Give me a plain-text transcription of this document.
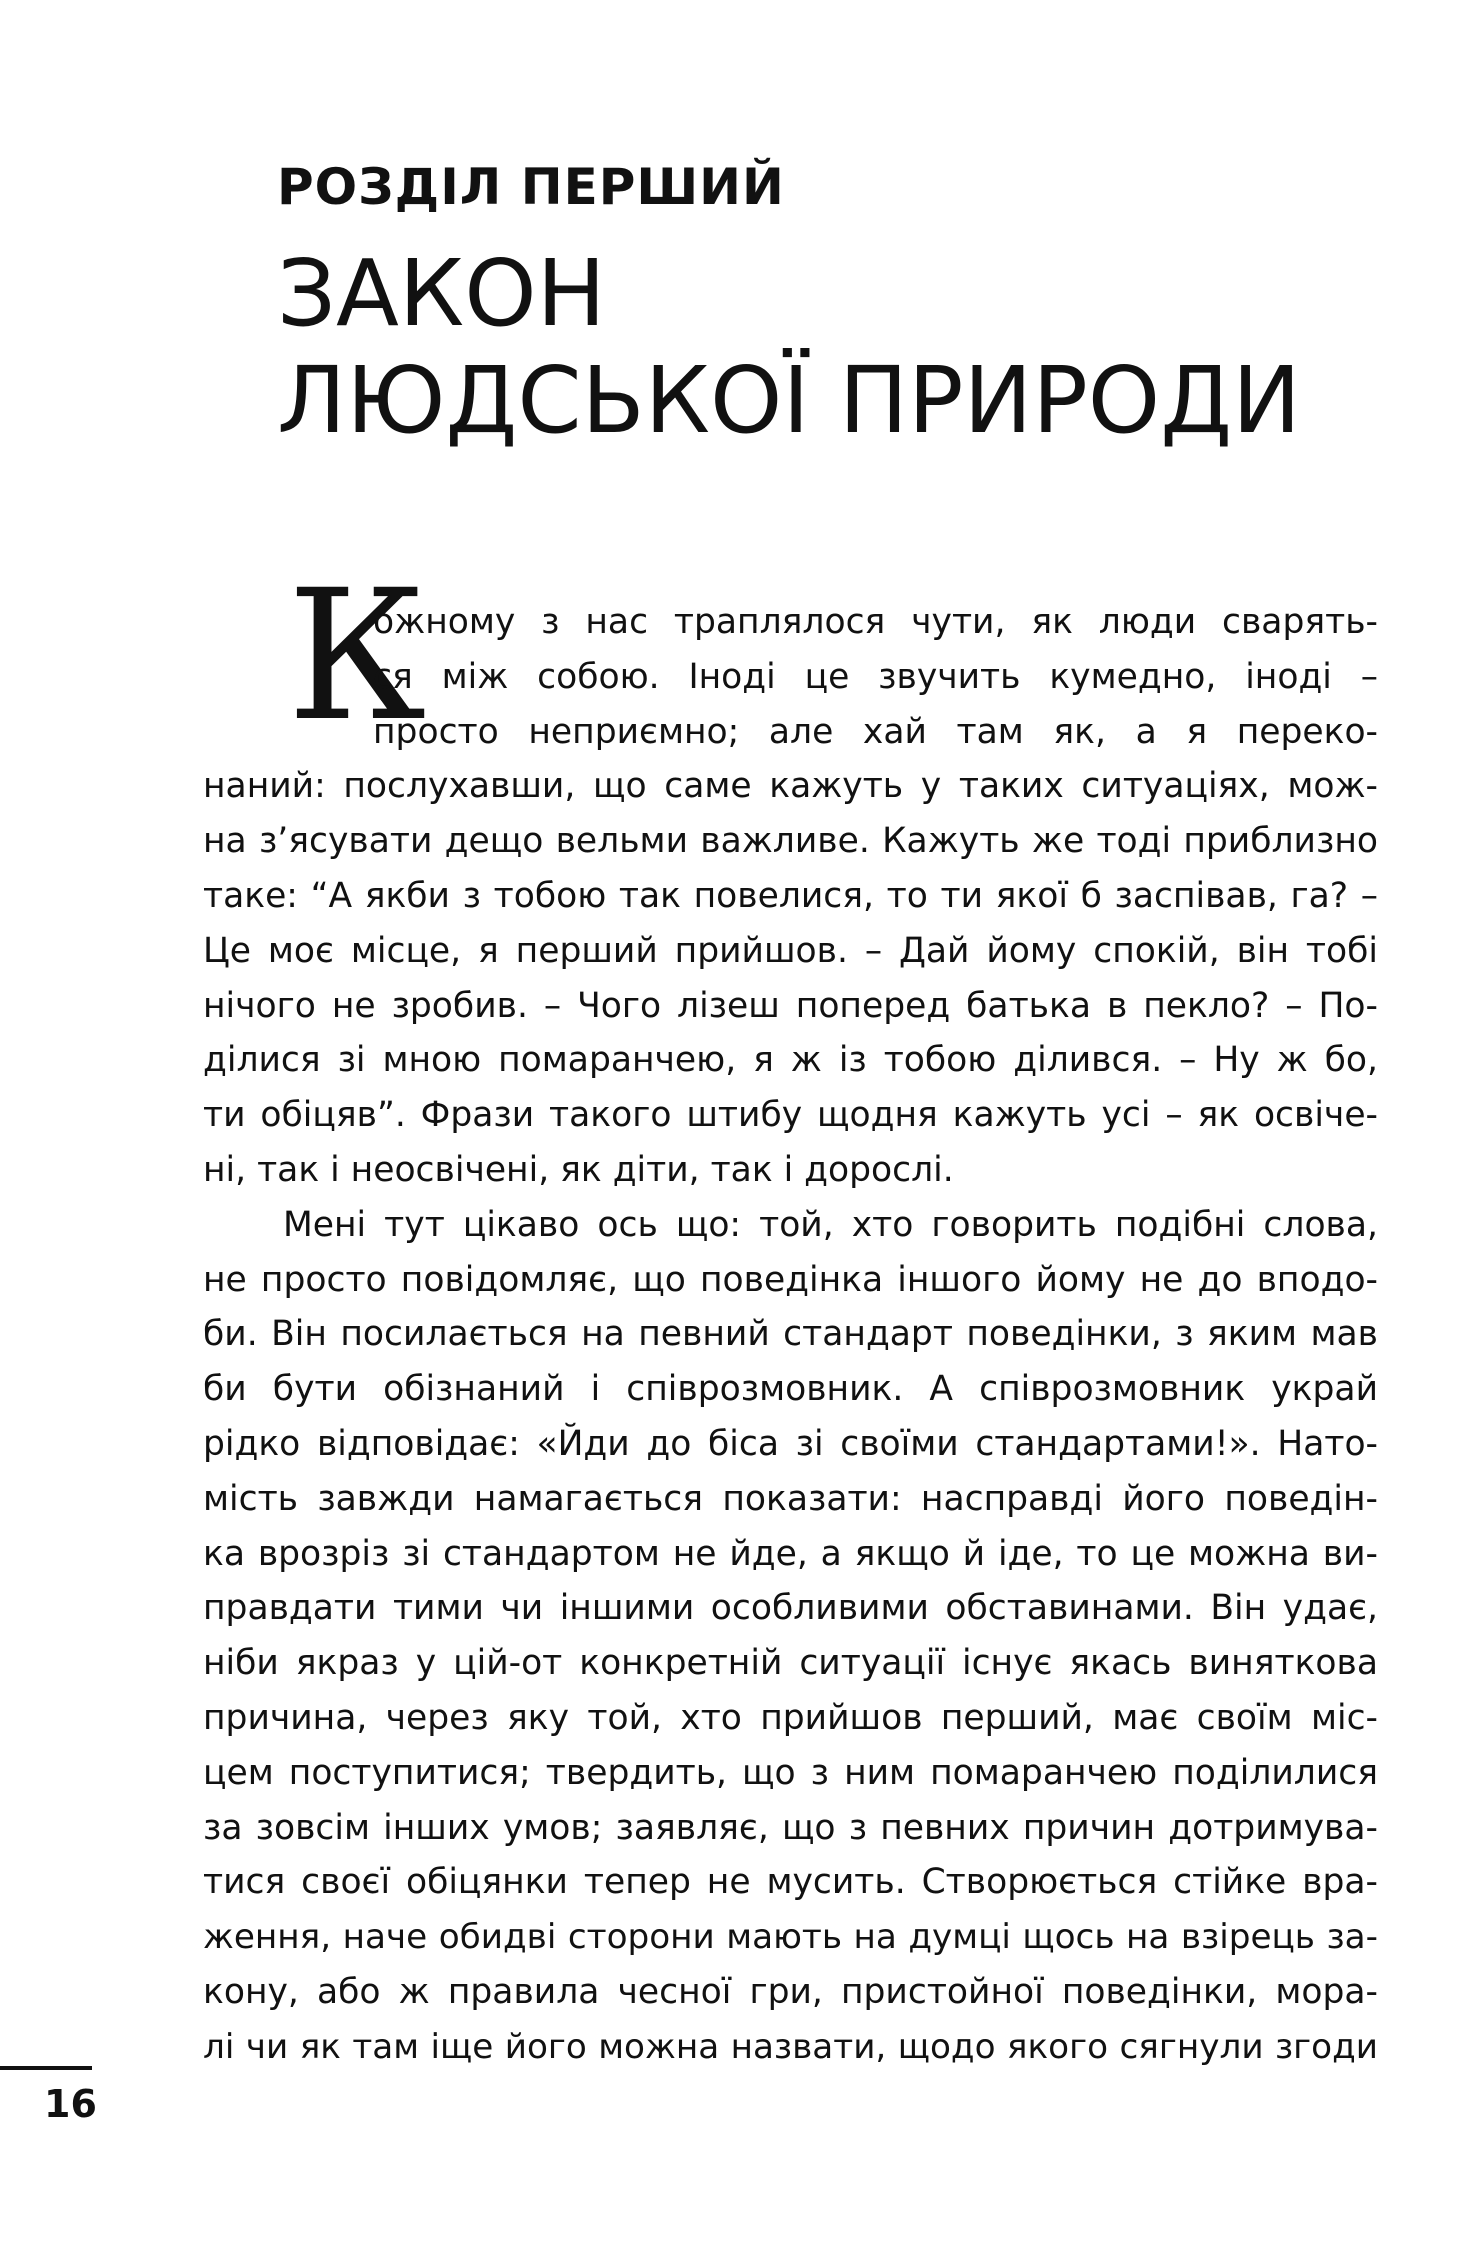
РОЗДІЛ ПЕРШИЙ
ЗАКОН
ЛЮДСЬКОЇ ПРИРОДИ
К
ожному з нас траплялося чути, як люди сварять-
ся між собою. Іноді це звучить кумедно, іноді –
просто неприємно; але хай там як, а я переко-
наний: послухавши, що саме кажуть у таких ситуаціях, мож-
на з’ясувати дещо вельми важливе. Кажуть же тоді приблизно
таке: “А якби з тобою так повелися, то ти якої б заспівав, га? –
Це моє місце, я перший прийшов. – Дай йому спокій, він тобі
нічого не зробив. – Чого лізеш поперед батька в пекло? – По-
ділися зі мною помаранчею, я ж із тобою ділився. – Ну ж бо,
ти обіцяв”. Фрази такого штибу щодня кажуть усі – як освіче-
ні, так і неосвічені, як діти, так і дорослі.
Мені тут цікаво ось що: той, хто говорить подібні слова,
не просто повідомляє, що поведінка іншого йому не до вподо-
би. Він посилається на певний стандарт поведінки, з яким мав
би бути обізнаний і співрозмовник. А співрозмовник украй
рідко відповідає: «Йди до біса зі своїми стандартами!». Нато-
мість завжди намагається показати: насправді його поведін-
ка врозріз зі стандартом не йде, а якщо й іде, то це можна ви-
правдати тими чи іншими особливими обставинами. Він удає,
ніби якраз у цій-от конкретній ситуації існує якась виняткова
причина, через яку той, хто прийшов перший, має своїм міс-
цем поступитися; твердить, що з ним помаранчею поділилися
за зовсім інших умов; заявляє, що з певних причин дотримува-
тися своєї обіцянки тепер не мусить. Створюється стійке вра-
ження, наче обидві сторони мають на думці щось на взірець за-
кону, або ж правила чесної гри, пристойної поведінки, мора-
лі чи як там іще його можна назвати, щодо якого сягнули згоди
16
